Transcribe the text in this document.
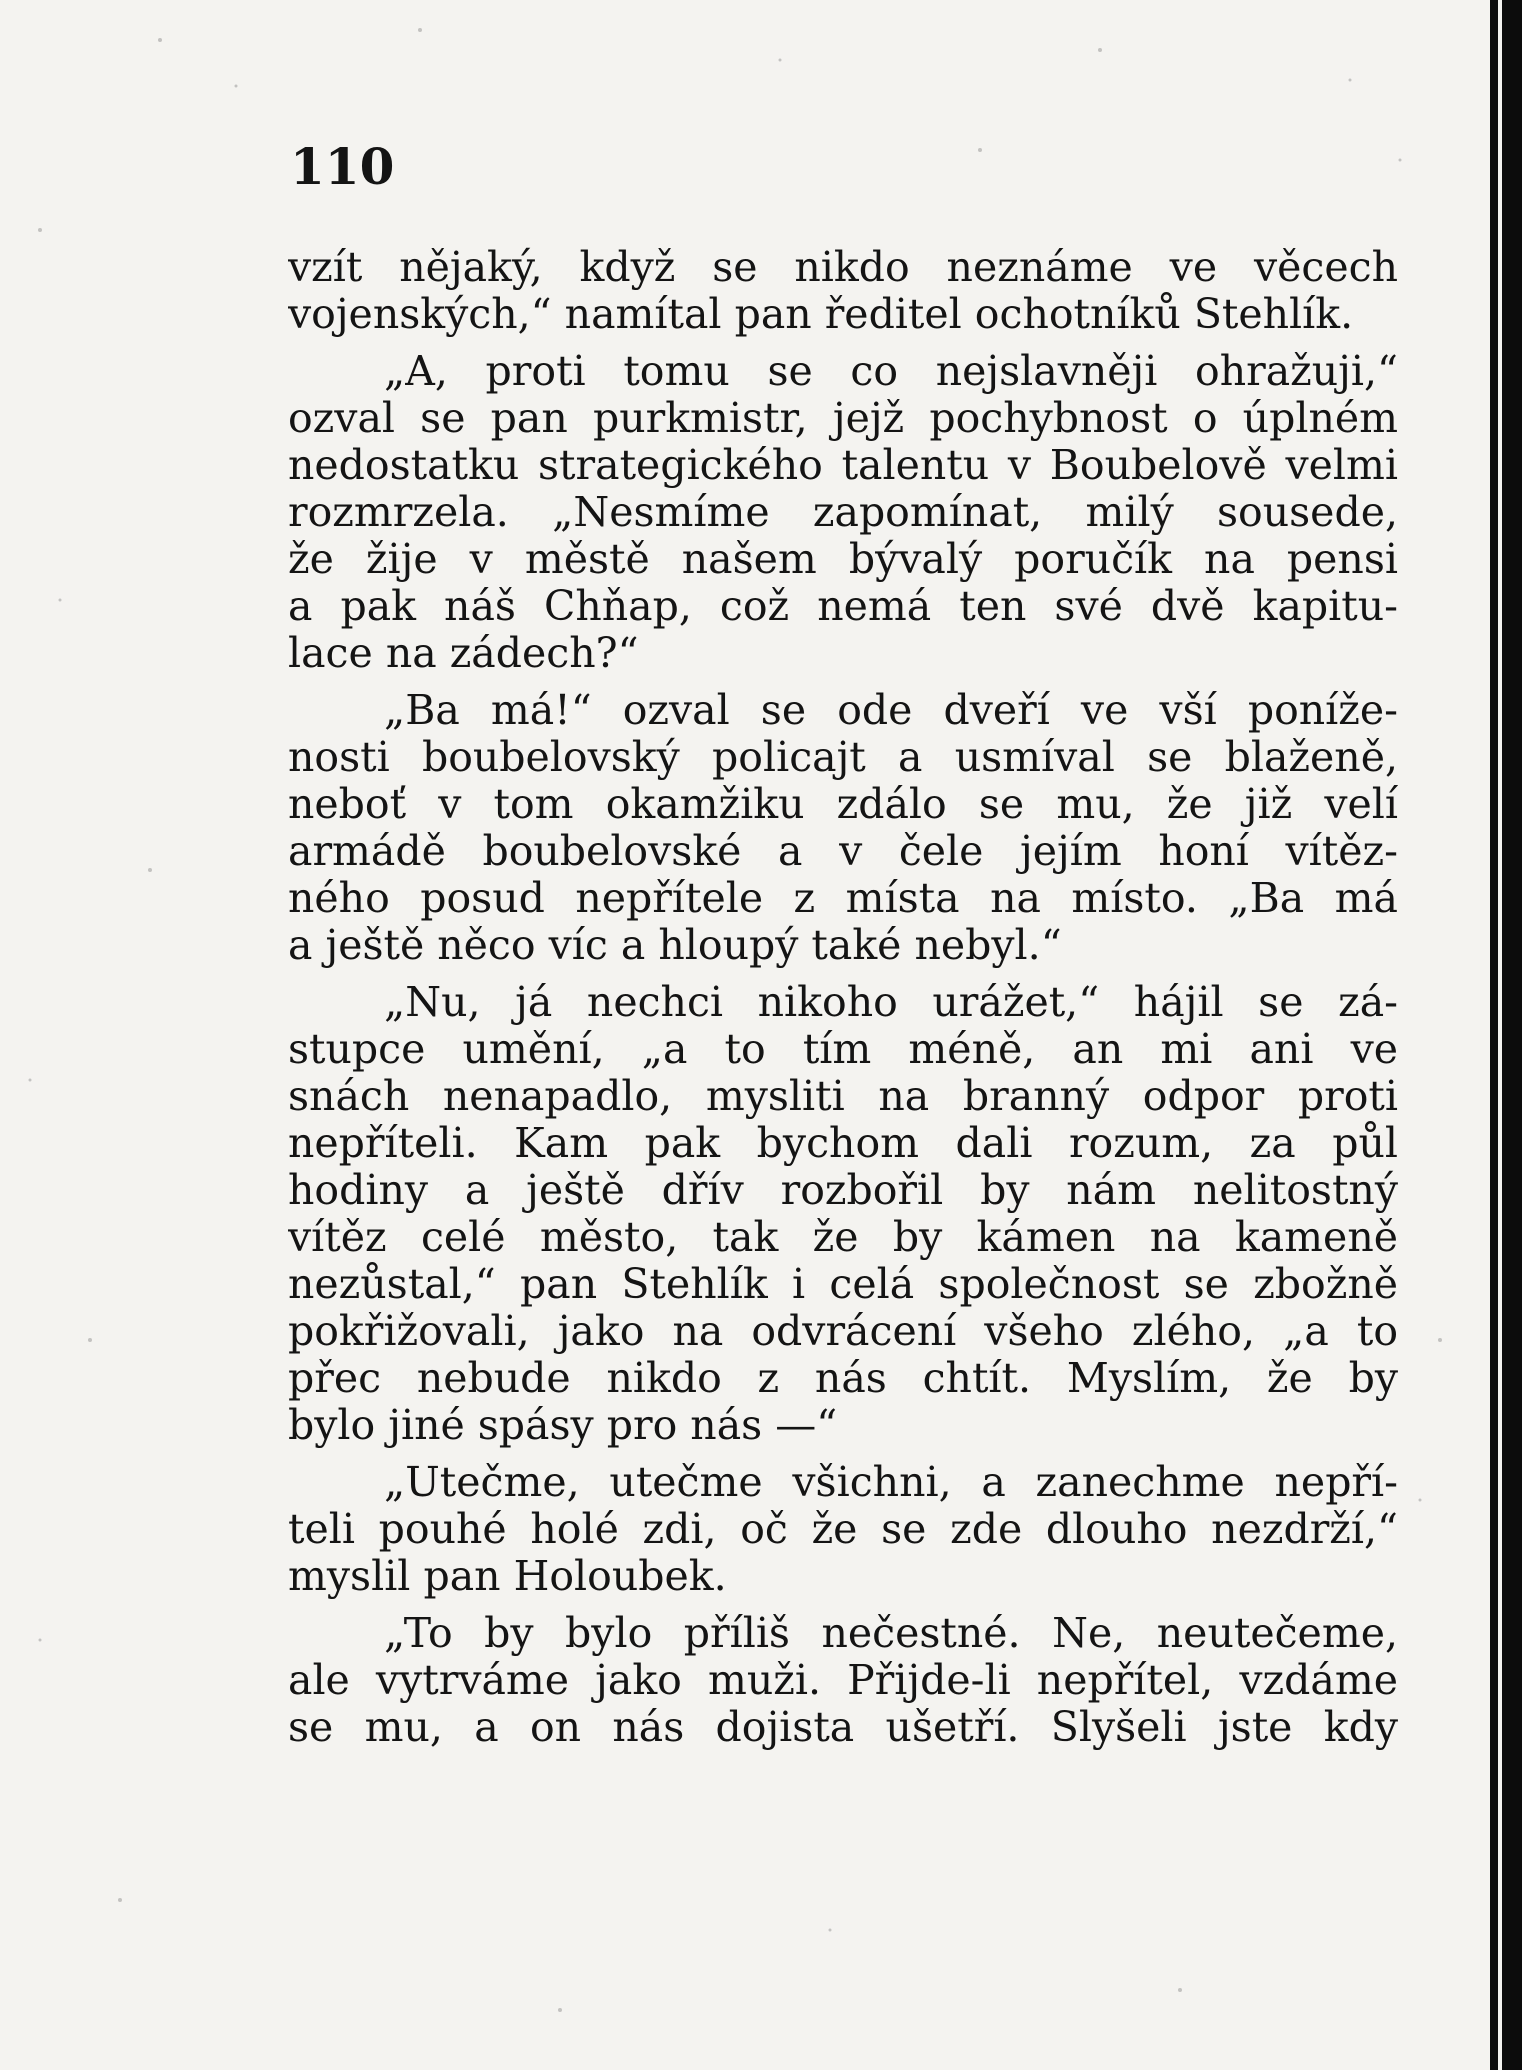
110
vzít nějaký, když se nikdo neznáme ve věcech
vojenských,“ namítal pan ředitel ochotníků Stehlík.
„A, proti tomu se co nejslavněji ohražuji,“
ozval se pan purkmistr, jejž pochybnost o úplném
nedostatku strategického talentu v Boubelově velmi
rozmrzela. „Nesmíme zapomínat, milý sousedе,
že žije v městě našem bývalý poručík na pensi
a pak náš Chňap, což nemá ten své dvě kapitu-
lace na zádech?“
„Ba má!“ ozval se ode dveří ve vší poníže-
nosti boubelovský policajt a usmíval se blaženě,
neboť v tom okamžiku zdálo se mu, že již velí
armádě boubelovské a v čele jejím honí vítěz-
ného posud nepřítele z místa na místo. „Ba má
a ještě něco víc a hloupý také nebyl.“
„Nu, já nechci nikoho urážet,“ hájil se zá-
stupce umění, „a to tím méně, an mi ani ve
snách nenapadlo, mysliti na branný odpor proti
nepříteli. Kam pak bychom dali rozum, za půl
hodiny a ještě dřív rozbořil by nám nelitostný
vítěz celé město, tak že by kámen na kameně
nezůstal,“ pan Stehlík i celá společnost se zbožně
pokřižovali, jako na odvrácení všeho zlého, „a to
přec nebude nikdo z nás chtít. Myslím, že by
bylo jiné spásy pro nás —“
„Utečme, utečme všichni, a zanechme nepří-
teli pouhé holé zdi, oč že se zde dlouho nezdrží,“
myslil pan Holoubek.
„To by bylo příliš nečestné. Ne, neutečeme,
ale vytrváme jako muži. Přijde-li nepřítel, vzdáme
se mu, a on nás dojista ušetří. Slyšeli jste kdy
